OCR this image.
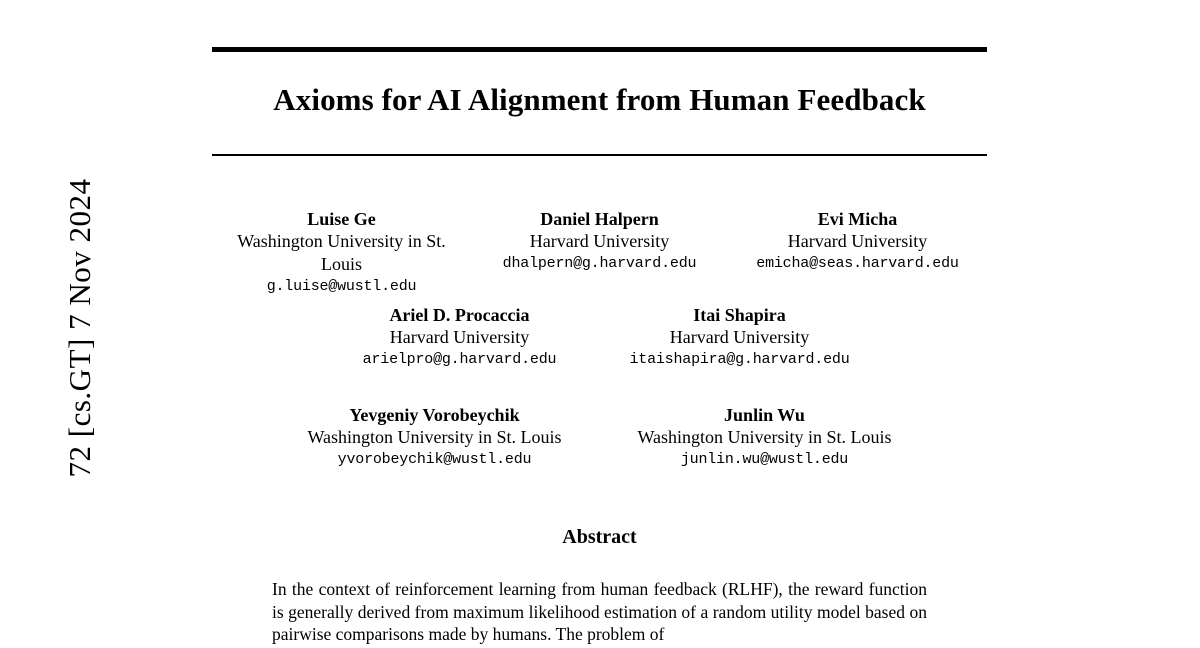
72 [cs.GT] 7 Nov 2024
Axioms for AI Alignment from Human Feedback
Luise Ge
Washington University in St. Louis
g.luise@wustl.edu
Daniel Halpern
Harvard University
dhalpern@g.harvard.edu
Evi Micha
Harvard University
emicha@seas.harvard.edu
Ariel D. Procaccia
Harvard University
arielpro@g.harvard.edu
Itai Shapira
Harvard University
itaishapira@g.harvard.edu
Yevgeniy Vorobeychik
Washington University in St. Louis
yvorobeychik@wustl.edu
Junlin Wu
Washington University in St. Louis
junlin.wu@wustl.edu
Abstract

In the context of reinforcement learning from human feedback (RLHF), the reward function is generally derived from maximum likelihood estimation of a random utility model based on pairwise comparisons made by humans. The problem of
